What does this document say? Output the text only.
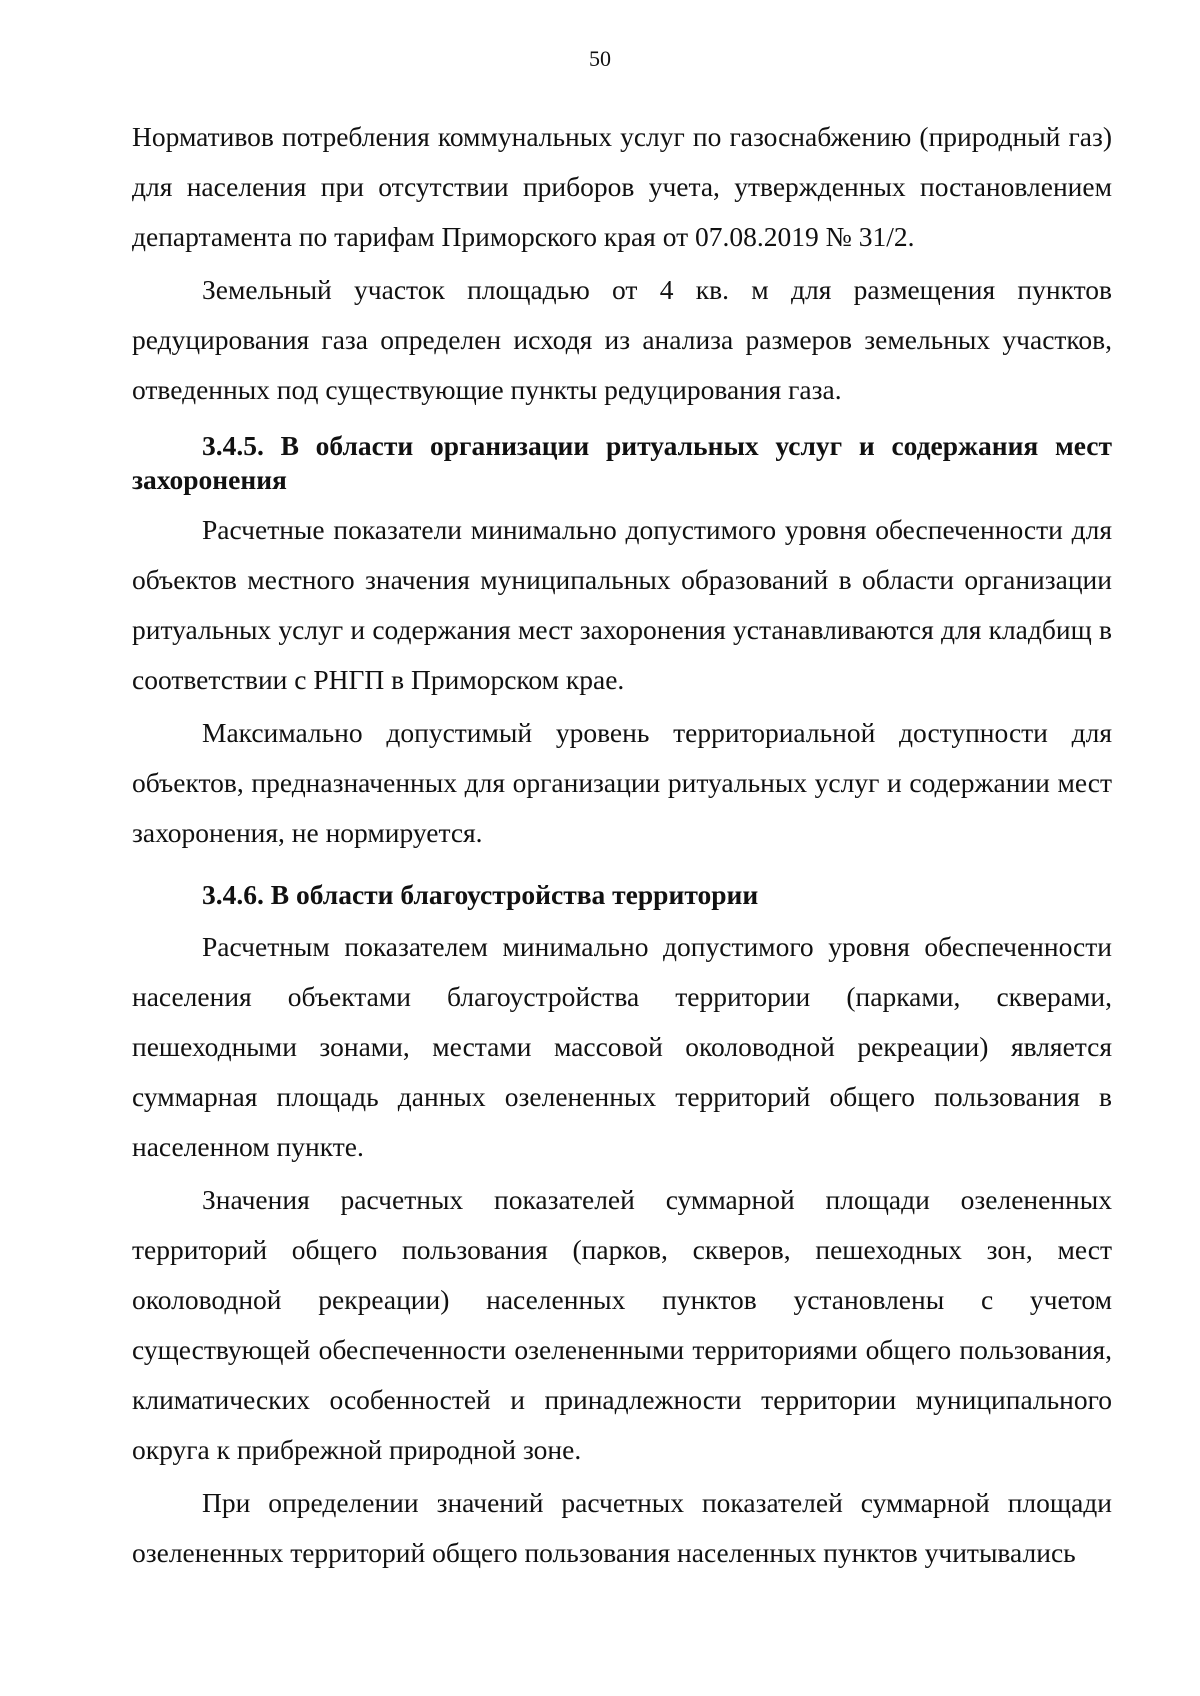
50

Нормативов потребления коммунальных услуг по газоснабжению (природный газ) для населения при отсутствии приборов учета, утвержденных постановлением департамента по тарифам Приморского края от 07.08.2019 № 31/2.

Земельный участок площадью от 4 кв. м для размещения пунктов редуцирования газа определен исходя из анализа размеров земельных участков, отведенных под существующие пункты редуцирования газа.

3.4.5. В области организации ритуальных услуг и содержания мест захоронения

Расчетные показатели минимально допустимого уровня обеспеченности для объектов местного значения муниципальных образований в области организации ритуальных услуг и содержания мест захоронения устанавливаются для кладбищ в соответствии с РНГП в Приморском крае.

Максимально допустимый уровень территориальной доступности для объектов, предназначенных для организации ритуальных услуг и содержании мест захоронения, не нормируется.

3.4.6. В области благоустройства территории

Расчетным показателем минимально допустимого уровня обеспеченности населения объектами благоустройства территории (парками, скверами, пешеходными зонами, местами массовой околоводной рекреации) является суммарная площадь данных озелененных территорий общего пользования в населенном пункте.

Значения расчетных показателей суммарной площади озелененных территорий общего пользования (парков, скверов, пешеходных зон, мест околоводной рекреации) населенных пунктов установлены с учетом существующей обеспеченности озелененными территориями общего пользования, климатических особенностей и принадлежности территории муниципального округа к прибрежной природной зоне.

При определении значений расчетных показателей суммарной площади озелененных территорий общего пользования населенных пунктов учитывались
